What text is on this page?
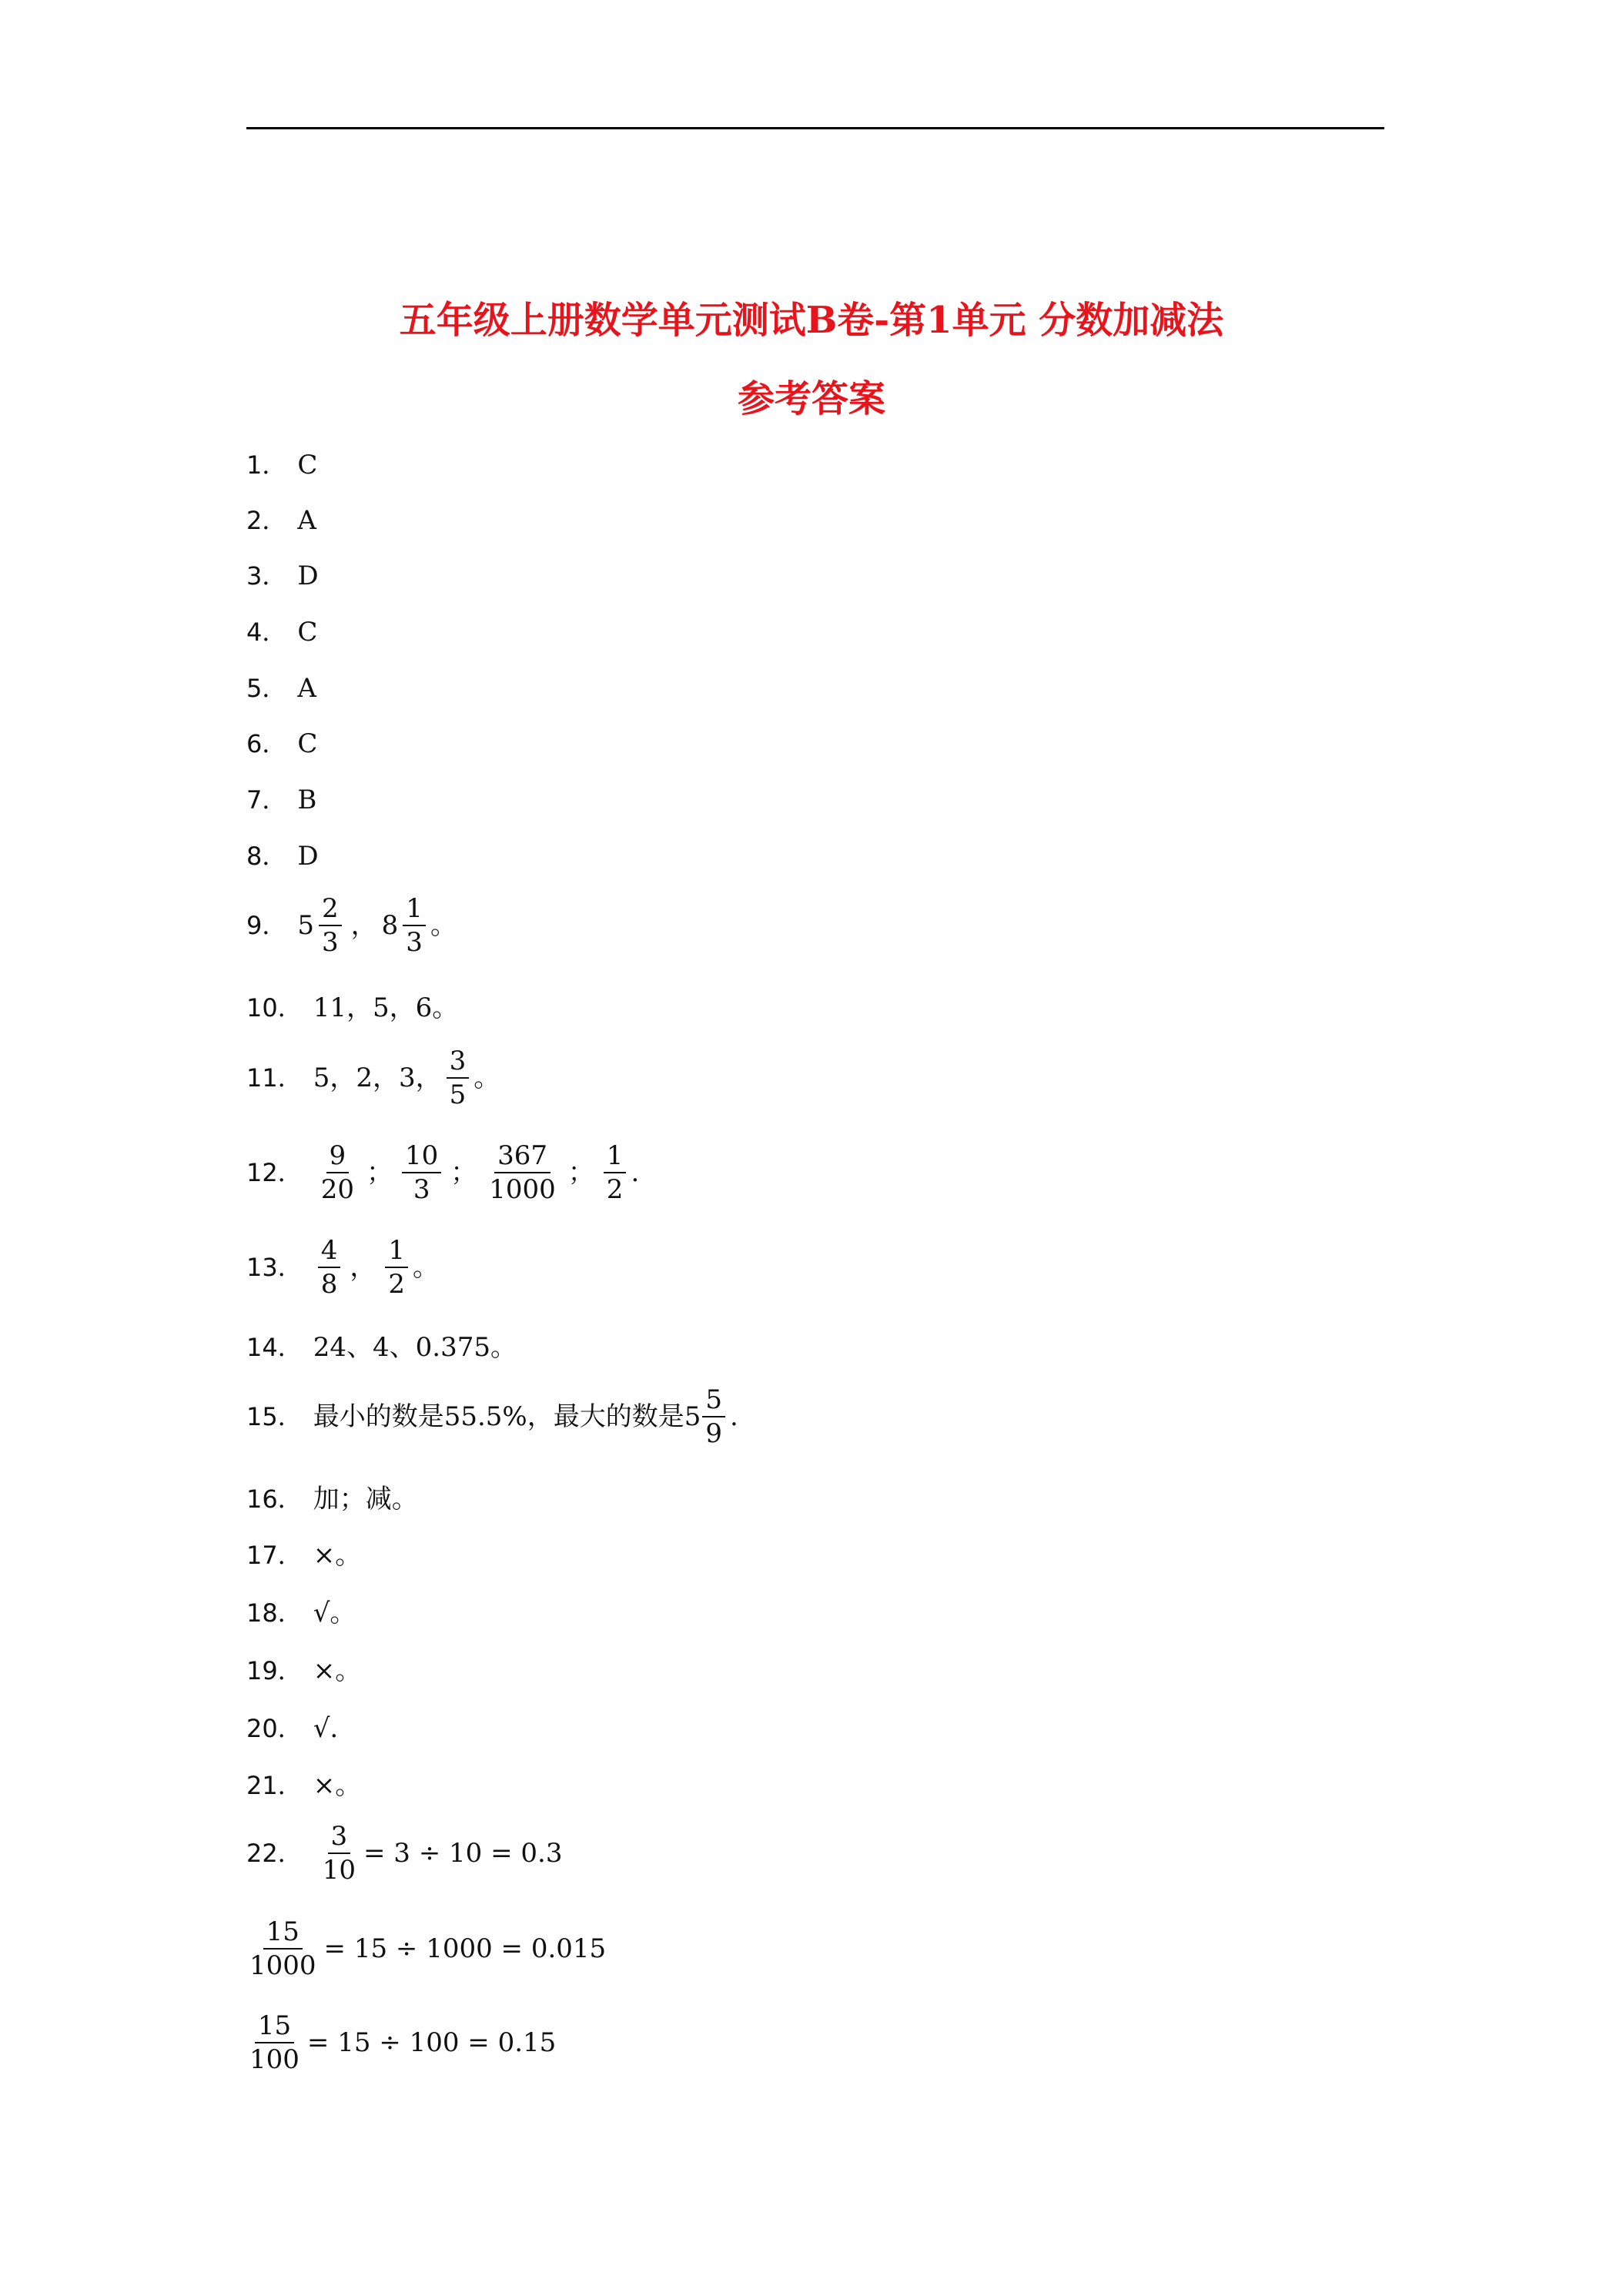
五年级上册数学单元测试B卷-第1单元 分数加减法
参考答案
1． C
2． A
3． D
4． C
5． A
6． C
7． B
8． D
9． $5 \frac{2}{3}$ ， $8 \frac{1}{3}$ 。
10． 11，5，6。
11． 5，2，3， $\frac{3}{5}$ 。
12． $\frac{9}{20}$ ； $\frac{10}{3}$ ； $\frac{367}{1000}$ ； $\frac{1}{2}$ .
13． $\frac{4}{8}$ ， $\frac{1}{2}$ 。
14． 24、4、0.375。
15． 最小的数是55.5%，最大的数是$5 \frac{5}{9}$ .
16． 加；减。
17． ×。
18． √。
19． ×。
20． √.
21． ×。
22． $\frac{3}{10} = 3 \div 10 = 0.3$
$\frac{15}{1000} = 15 \div 1000 = 0.015$
$\frac{15}{100} = 15 \div 100 = 0.15$
